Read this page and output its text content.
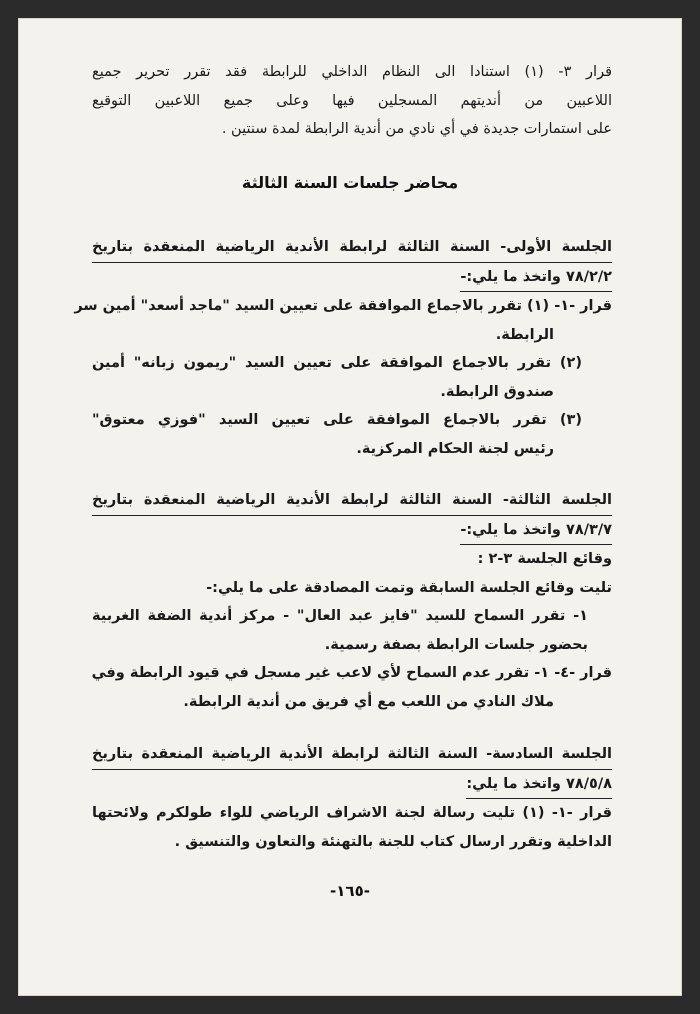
قرار ٣- (١) استنادا الى النظام الداخلي للرابطة فقد تقرر تحرير جميع
اللاعبين من أنديتهم المسجلين فيها وعلى جميع اللاعبين التوقيع
على استمارات جديدة في أي نادي من أندية الرابطة لمدة سنتين .
محاضر جلسات السنة الثالثة
الجلسة الأولى- السنة الثالثة لرابطة الأندية الرياضية المنعقدة بتاريخ
٧٨/٢/٢ واتخذ ما يلي:-
قرار -١- (١) تقرر بالاجماع الموافقة على تعيين السيد "ماجد أسعد" أمين سر
الرابطة.
(٢) تقرر بالاجماع الموافقة على تعيين السيد "ريمون زبانه" أمين
صندوق الرابطة.
(٣) تقرر بالاجماع الموافقة على تعيين السيد "فوزي معتوق"
رئيس لجنة الحكام المركزية.
الجلسة الثالثة- السنة الثالثة لرابطة الأندية الرياضية المنعقدة بتاريخ
٧٨/٣/٧ واتخذ ما يلي:-
وقائع الجلسة ٣-٢ :
تليت وقائع الجلسة السابقة وتمت المصادقة على ما يلي:-
١- تقرر السماح للسيد "فايز عبد العال" - مركز أندية الضفة الغربية
بحضور جلسات الرابطة بصفة رسمية.
قرار -٤- ١- تقرر عدم السماح لأي لاعب غير مسجل في قيود الرابطة وفي
ملاك النادي من اللعب مع أي فريق من أندية الرابطة.
الجلسة السادسة- السنة الثالثة لرابطة الأندية الرياضية المنعقدة بتاريخ
٧٨/٥/٨ واتخذ ما يلي:
قرار -١- (١) تليت رسالة لجنة الاشراف الرياضي للواء طولكرم ولائحتها
الداخلية وتقرر ارسال كتاب للجنة بالتهنئة والتعاون والتنسيق .
-١٦٥-
